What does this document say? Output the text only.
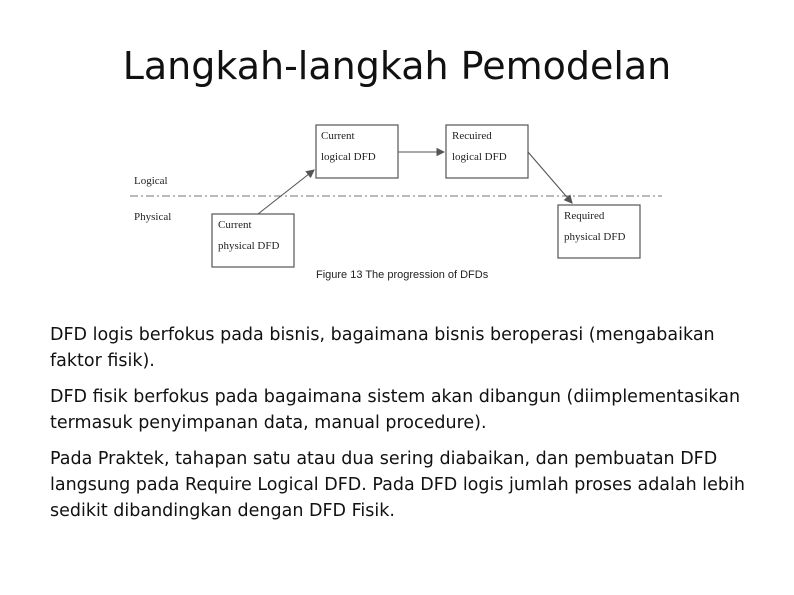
Langkah-langkah Pemodelan
Logical
Physical
Current
logical DFD
Recuired
logical DFD
Current
physical DFD
Required
physical DFD
Figure 13 The progression of DFDs

DFD logis berfokus pada bisnis, bagaimana bisnis beroperasi (mengabaikan faktor fisik).

DFD fisik berfokus pada bagaimana sistem akan dibangun (diimplementasikan termasuk penyimpanan data, manual procedure).

Pada Praktek, tahapan satu atau dua sering diabaikan, dan pembuatan DFD langsung pada Require Logical DFD. Pada DFD logis jumlah proses adalah lebih sedikit dibandingkan dengan DFD Fisik.
